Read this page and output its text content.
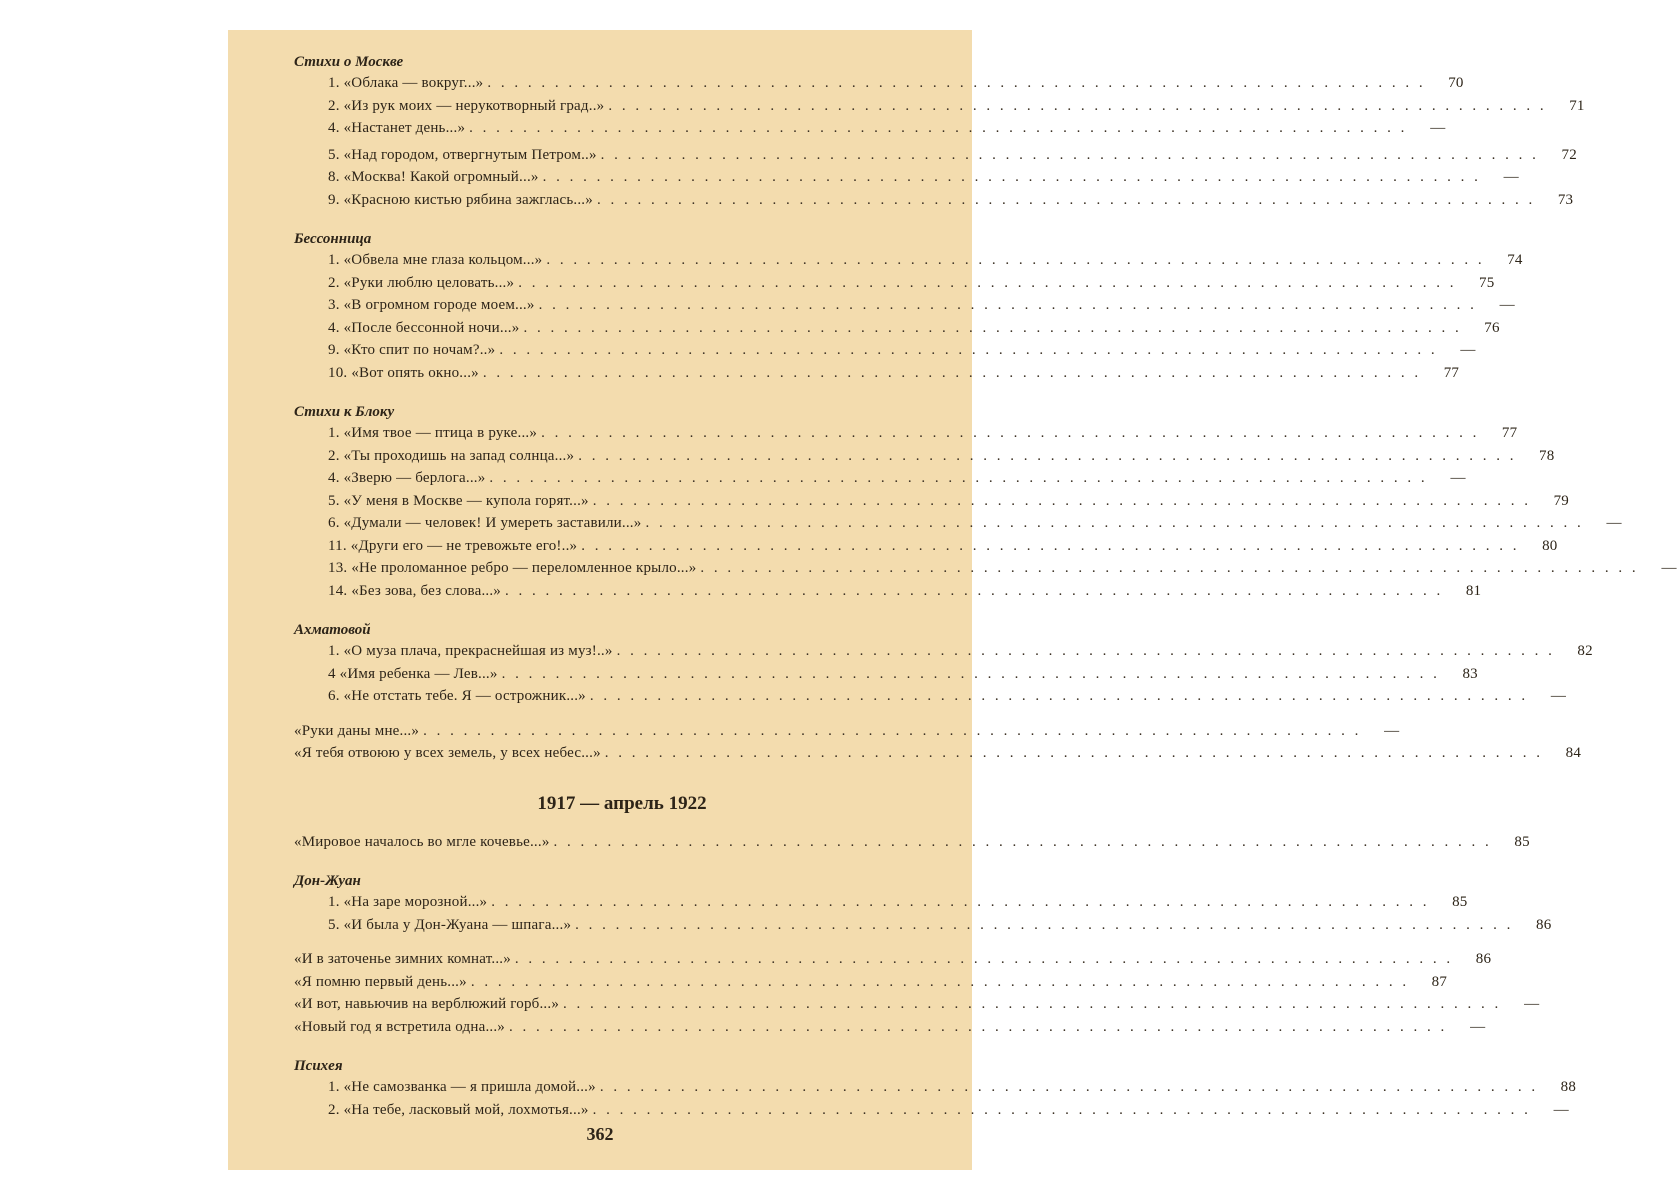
Стихи о Москве
1. «Облака — вокруг...» . . .	70
2. «Из рук моих — нерукотворный град..» . . .	71
4. «Настанет день...» . . .	—
5. «Над городом, отвергнутым Петром..» . . .	72
8. «Москва! Какой огромный...» . . .	—
9. «Красною кистью рябина зажглась...» . . .	73
Бессонница
1. «Обвела мне глаза кольцом...» . . .	74
2. «Руки люблю целовать...» . . .	75
3. «В огромном городе моем...» . . .	—
4. «После бессонной ночи...» . . .	76
9. «Кто спит по ночам?..» . . .	—
10. «Вот опять окно...» . . .	77
Стихи к Блоку
1. «Имя твое — птица в руке...» . . .	77
2. «Ты проходишь на запад солнца...» . . .	78
4. «Зверю — берлога...» . . .	—
5. «У меня в Москве — купола горят...» . . .	79
6. «Думали — человек! И умереть заставили...» . . .	—
11. «Други его — не тревожьте его!..» . . .	80
13. «Не проломанное ребро — переломленное крыло...» . . .	—
14. «Без зова, без слова...» . . .	81
Ахматовой
1. «О муза плача, прекраснейшая из муз!..» . . .	82
4 «Имя ребенка — Лев...» . . .	83
6. «Не отстать тебе. Я — острожник...» . . .	—
«Руки даны мне...» . . .	—
«Я тебя отвоюю у всех земель, у всех небес...» . . .	84
1917 — апрель 1922
«Мировое началось во мгле кочевье...» . . .	85
Дон-Жуан
1. «На заре морозной...» . . .	85
5. «И была у Дон-Жуана — шпага...» . . .	86
«И в заточенье зимних комнат...» . . .	86
«Я помню первый день...» . . .	87
«И вот, навьючив на верблюжий горб...» . . .	—
«Новый год я встретила одна...» . . .	—
Психея
1. «Не самозванка — я пришла домой...» . . .	88
2. «На тебе, ласковый мой, лохмотья...» . . .	—
362
